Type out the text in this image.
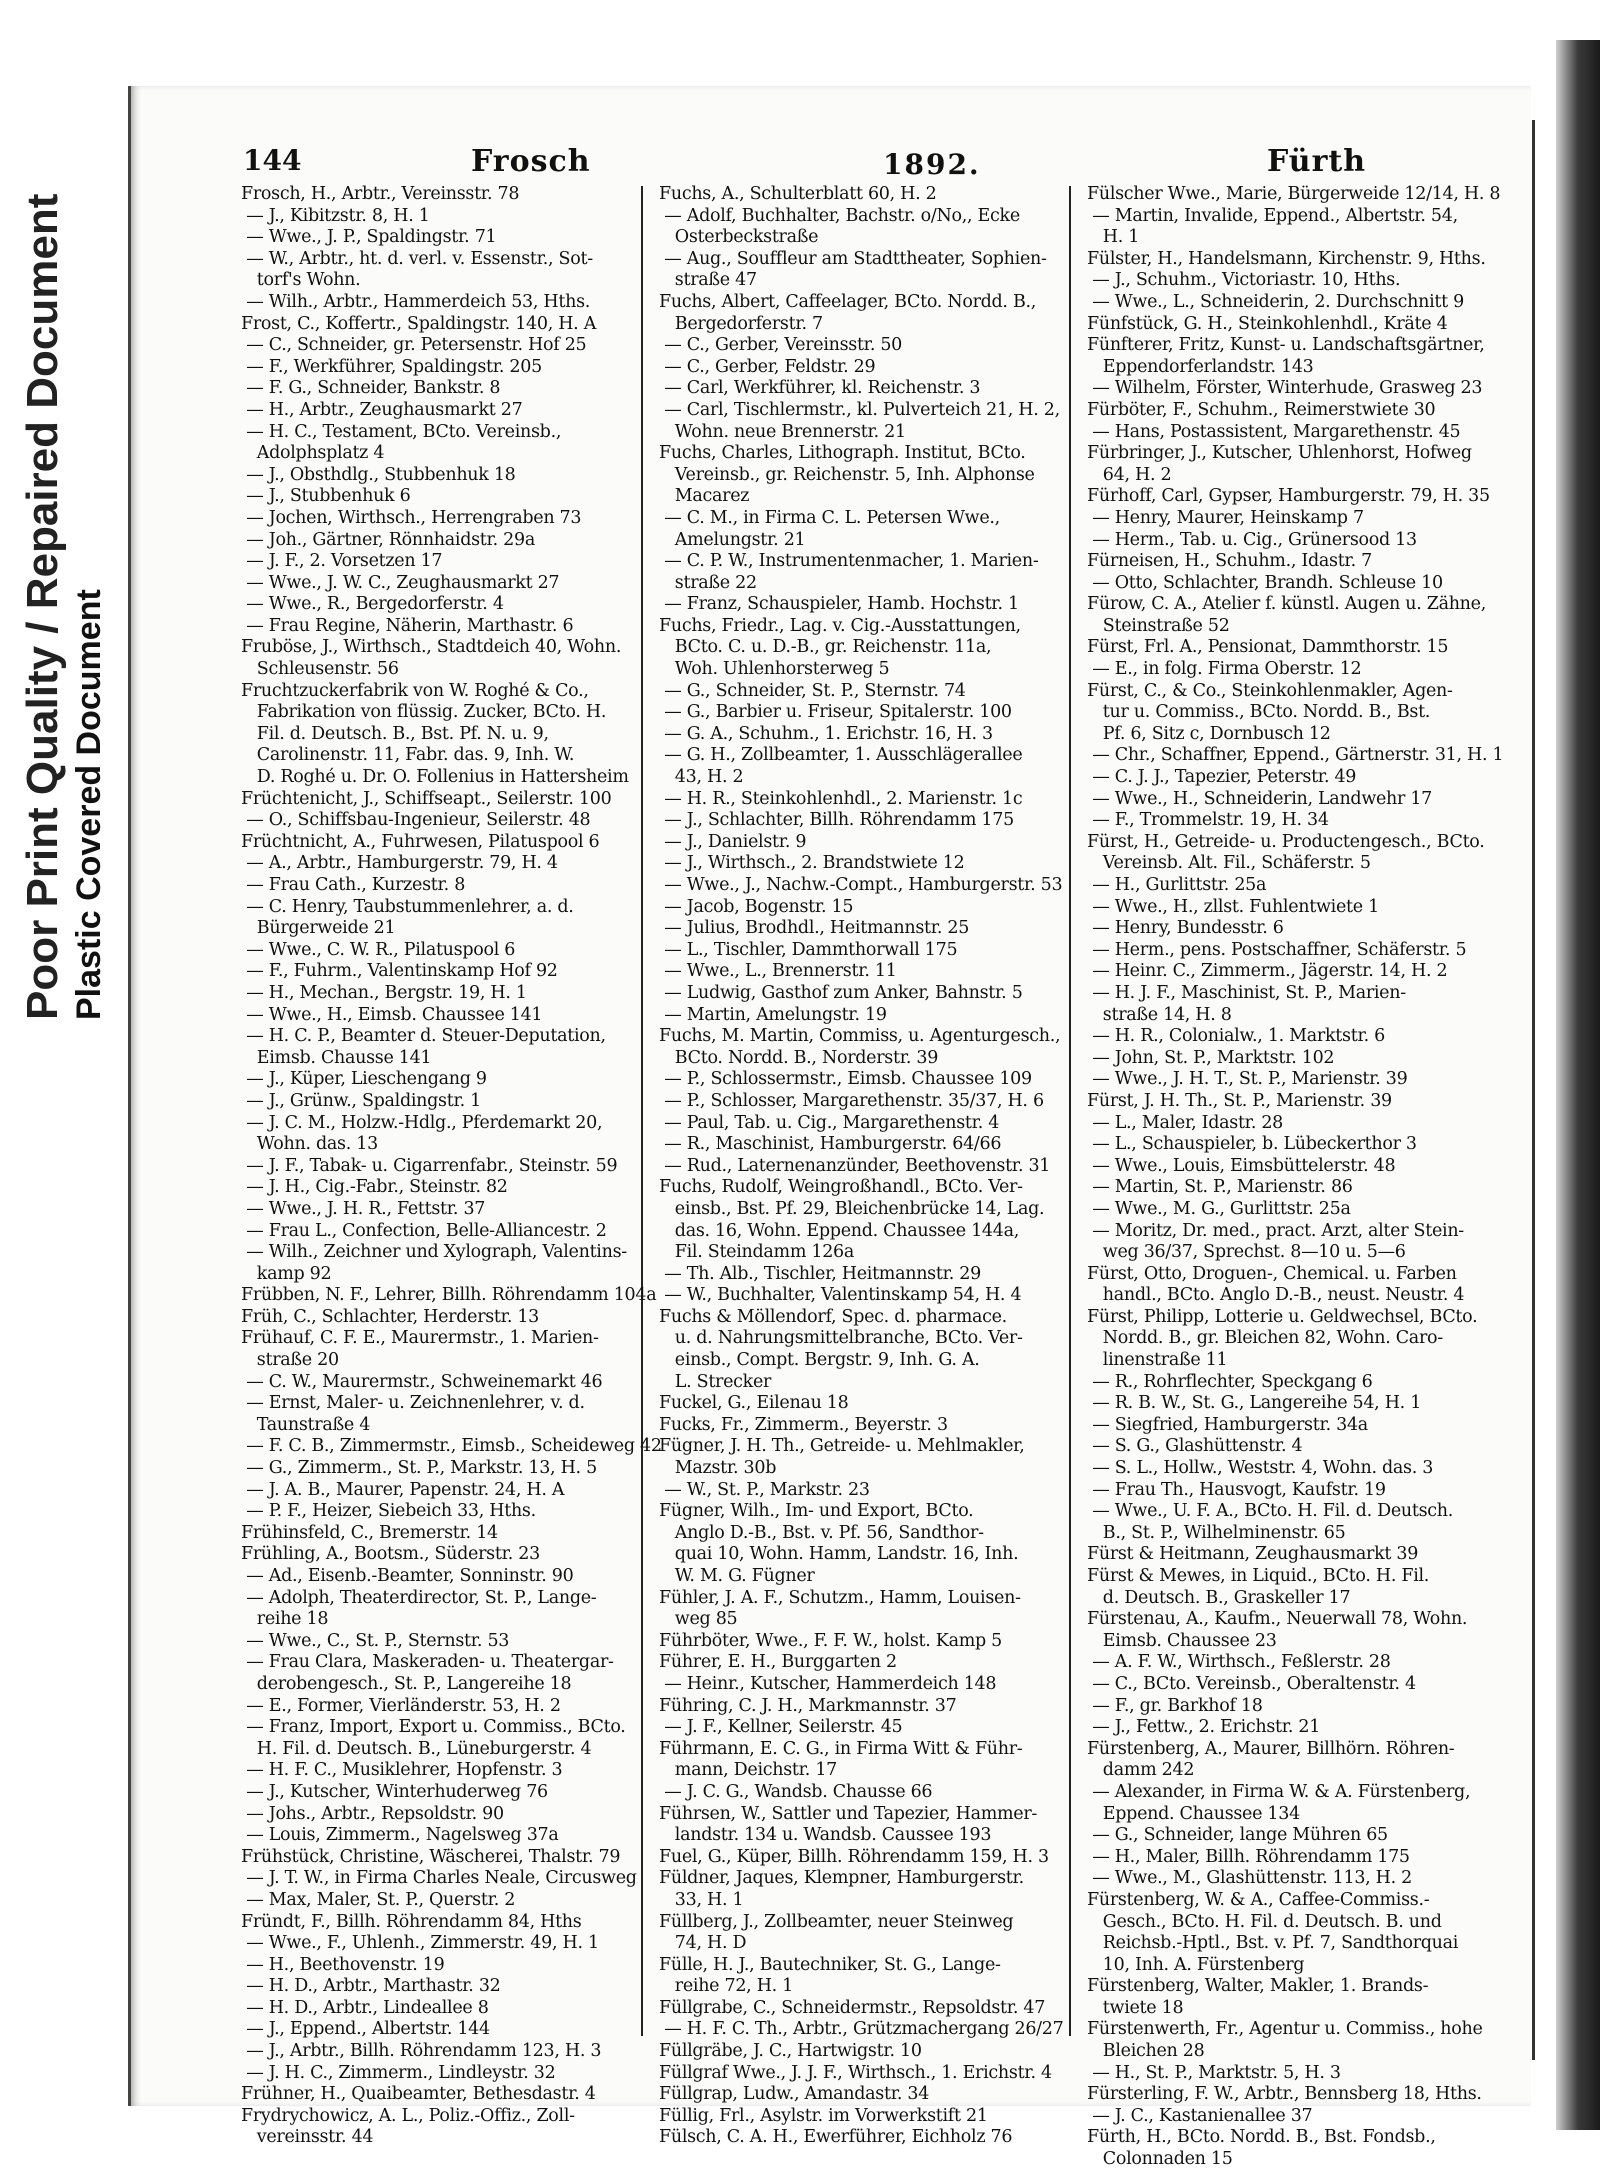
Poor Print Quality / Repaired Document Plastic Covered Document
144	Frosch	1892.	Fürth
Frosch, H., Arbtr., Vereinsstr. 78
— J., Kibitzstr. 8, H. 1
— Wwe., J. P., Spaldingstr. 71
— W., Arbtr., ht. d. verl. v. Essenstr., Sot-
torf's Wohn.
— Wilh., Arbtr., Hammerdeich 53, Hths.
Frost, C., Koffertr., Spaldingstr. 140, H. A
— C., Schneider, gr. Petersenstr. Hof 25
— F., Werkführer, Spaldingstr. 205
— F. G., Schneider, Bankstr. 8
— H., Arbtr., Zeughausmarkt 27
— H. C., Testament, BCto. Vereinsb.,
Adolphsplatz 4
— J., Obsthdlg., Stubbenhuk 18
— J., Stubbenhuk 6
— Jochen, Wirthsch., Herrengraben 73
— Joh., Gärtner, Rönnhaidstr. 29a
— J. F., 2. Vorsetzen 17
— Wwe., J. W. C., Zeughausmarkt 27
— Wwe., R., Bergedorferstr. 4
— Frau Regine, Näherin, Marthastr. 6
Fruböse, J., Wirthsch., Stadtdeich 40, Wohn.
Schleusenstr. 56
Fruchtzuckerfabrik von W. Roghé & Co.,
Fabrikation von flüssig. Zucker, BCto. H.
Fil. d. Deutsch. B., Bst. Pf. N. u. 9,
Carolinenstr. 11, Fabr. das. 9, Inh. W.
D. Roghé u. Dr. O. Follenius in Hattersheim
Früchtenicht, J., Schiffseapt., Seilerstr. 100
— O., Schiffsbau-Ingenieur, Seilerstr. 48
Früchtnicht, A., Fuhrwesen, Pilatuspool 6
— A., Arbtr., Hamburgerstr. 79, H. 4
— Frau Cath., Kurzestr. 8
— C. Henry, Taubstummenlehrer, a. d.
Bürgerweide 21
— Wwe., C. W. R., Pilatuspool 6
— F., Fuhrm., Valentinskamp Hof 92
— H., Mechan., Bergstr. 19, H. 1
— Wwe., H., Eimsb. Chaussee 141
— H. C. P., Beamter d. Steuer-Deputation,
Eimsb. Chausse 141
— J., Küper, Lieschengang 9
— J., Grünw., Spaldingstr. 1
— J. C. M., Holzw.-Hdlg., Pferdemarkt 20,
Wohn. das. 13
— J. F., Tabak- u. Cigarrenfabr., Steinstr. 59
— J. H., Cig.-Fabr., Steinstr. 82
— Wwe., J. H. R., Fettstr. 37
— Frau L., Confection, Belle-Alliancestr. 2
— Wilh., Zeichner und Xylograph, Valentins-
kamp 92
Frübben, N. F., Lehrer, Billh. Röhrendamm 104a
Früh, C., Schlachter, Herderstr. 13
Frühauf, C. F. E., Maurermstr., 1. Marien-
straße 20
— C. W., Maurermstr., Schweinemarkt 46
— Ernst, Maler- u. Zeichnenlehrer, v. d.
Taunstraße 4
— F. C. B., Zimmermstr., Eimsb., Scheideweg 42
— G., Zimmerm., St. P., Markstr. 13, H. 5
— J. A. B., Maurer, Papenstr. 24, H. A
— P. F., Heizer, Siebeich 33, Hths.
Frühinsfeld, C., Bremerstr. 14
Frühling, A., Bootsm., Süderstr. 23
— Ad., Eisenb.-Beamter, Sonninstr. 90
— Adolph, Theaterdirector, St. P., Lange-
reihe 18
— Wwe., C., St. P., Sternstr. 53
— Frau Clara, Maskeraden- u. Theatergar-
derobengesch., St. P., Langereihe 18
— E., Former, Vierländerstr. 53, H. 2
— Franz, Import, Export u. Commiss., BCto.
H. Fil. d. Deutsch. B., Lüneburgerstr. 4
— H. F. C., Musiklehrer, Hopfenstr. 3
— J., Kutscher, Winterhuderweg 76
— Johs., Arbtr., Repsoldstr. 90
— Louis, Zimmerm., Nagelsweg 37a
Frühstück, Christine, Wäscherei, Thalstr. 79
— J. T. W., in Firma Charles Neale, Circusweg
— Max, Maler, St. P., Querstr. 2
Fründt, F., Billh. Röhrendamm 84, Hths
— Wwe., F., Uhlenh., Zimmerstr. 49, H. 1
— H., Beethovenstr. 19
— H. D., Arbtr., Marthastr. 32
— H. D., Arbtr., Lindeallee 8
— J., Eppend., Albertstr. 144
— J., Arbtr., Billh. Röhrendamm 123, H. 3
— J. H. C., Zimmerm., Lindleystr. 32
Frühner, H., Quaibeamter, Bethesdastr. 4
Frydrychowicz, A. L., Poliz.-Offiz., Zoll-
vereinsstr. 44
Fuchs, A., Schulterblatt 60, H. 2
— Adolf, Buchhalter, Bachstr. o/No,, Ecke
Osterbeckstraße
— Aug., Souffleur am Stadttheater, Sophien-
straße 47
Fuchs, Albert, Caffeelager, BCto. Nordd. B.,
Bergedorferstr. 7
— C., Gerber, Vereinsstr. 50
— C., Gerber, Feldstr. 29
— Carl, Werkführer, kl. Reichenstr. 3
— Carl, Tischlermstr., kl. Pulverteich 21, H. 2,
Wohn. neue Brennerstr. 21
Fuchs, Charles, Lithograph. Institut, BCto.
Vereinsb., gr. Reichenstr. 5, Inh. Alphonse
Macarez
— C. M., in Firma C. L. Petersen Wwe.,
Amelungstr. 21
— C. P. W., Instrumentenmacher, 1. Marien-
straße 22
— Franz, Schauspieler, Hamb. Hochstr. 1
Fuchs, Friedr., Lag. v. Cig.-Ausstattungen,
BCto. C. u. D.-B., gr. Reichenstr. 11a,
Woh. Uhlenhorsterweg 5
— G., Schneider, St. P., Sternstr. 74
— G., Barbier u. Friseur, Spitalerstr. 100
— G. A., Schuhm., 1. Erichstr. 16, H. 3
— G. H., Zollbeamter, 1. Ausschlägerallee
43, H. 2
— H. R., Steinkohlenhdl., 2. Marienstr. 1c
— J., Schlachter, Billh. Röhrendamm 175
— J., Danielstr. 9
— J., Wirthsch., 2. Brandstwiete 12
— Wwe., J., Nachw.-Compt., Hamburgerstr. 53
— Jacob, Bogenstr. 15
— Julius, Brodhdl., Heitmannstr. 25
— L., Tischler, Dammthorwall 175
— Wwe., L., Brennerstr. 11
— Ludwig, Gasthof zum Anker, Bahnstr. 5
— Martin, Amelungstr. 19
Fuchs, M. Martin, Commiss, u. Agenturgesch.,
BCto. Nordd. B., Norderstr. 39
— P., Schlossermstr., Eimsb. Chaussee 109
— P., Schlosser, Margarethenstr. 35/37, H. 6
— Paul, Tab. u. Cig., Margarethenstr. 4
— R., Maschinist, Hamburgerstr. 64/66
— Rud., Laternenanzünder, Beethovenstr. 31
Fuchs, Rudolf, Weingroßhandl., BCto. Ver-
einsb., Bst. Pf. 29, Bleichenbrücke 14, Lag.
das. 16, Wohn. Eppend. Chaussee 144a,
Fil. Steindamm 126a
— Th. Alb., Tischler, Heitmannstr. 29
— W., Buchhalter, Valentinskamp 54, H. 4
Fuchs & Möllendorf, Spec. d. pharmace.
u. d. Nahrungsmittelbranche, BCto. Ver-
einsb., Compt. Bergstr. 9, Inh. G. A.
L. Strecker
Fuckel, G., Eilenau 18
Fucks, Fr., Zimmerm., Beyerstr. 3
Fügner, J. H. Th., Getreide- u. Mehlmakler,
Mazstr. 30b
— W., St. P., Markstr. 23
Fügner, Wilh., Im- und Export, BCto.
Anglo D.-B., Bst. v. Pf. 56, Sandthor-
quai 10, Wohn. Hamm, Landstr. 16, Inh.
W. M. G. Fügner
Fühler, J. A. F., Schutzm., Hamm, Louisen-
weg 85
Führböter, Wwe., F. F. W., holst. Kamp 5
Führer, E. H., Burggarten 2
— Heinr., Kutscher, Hammerdeich 148
Führing, C. J. H., Markmannstr. 37
— J. F., Kellner, Seilerstr. 45
Führmann, E. C. G., in Firma Witt & Führ-
mann, Deichstr. 17
— J. C. G., Wandsb. Chausse 66
Führsen, W., Sattler und Tapezier, Hammer-
landstr. 134 u. Wandsb. Caussee 193
Fuel, G., Küper, Billh. Röhrendamm 159, H. 3
Füldner, Jaques, Klempner, Hamburgerstr.
33, H. 1
Füllberg, J., Zollbeamter, neuer Steinweg
74, H. D
Fülle, H. J., Bautechniker, St. G., Lange-
reihe 72, H. 1
Füllgrabe, C., Schneidermstr., Repsoldstr. 47
— H. F. C. Th., Arbtr., Grützmachergang 26/27
Füllgräbe, J. C., Hartwigstr. 10
Füllgraf Wwe., J. J. F., Wirthsch., 1. Erichstr. 4
Füllgrap, Ludw., Amandastr. 34
Füllig, Frl., Asylstr. im Vorwerkstift 21
Fülsch, C. A. H., Ewerführer, Eichholz 76
Fülscher Wwe., Marie, Bürgerweide 12/14, H. 8
— Martin, Invalide, Eppend., Albertstr. 54,
H. 1
Fülster, H., Handelsmann, Kirchenstr. 9, Hths.
— J., Schuhm., Victoriastr. 10, Hths.
— Wwe., L., Schneiderin, 2. Durchschnitt 9
Fünfstück, G. H., Steinkohlenhdl., Kräte 4
Fünfterer, Fritz, Kunst- u. Landschaftsgärtner,
Eppendorferlandstr. 143
— Wilhelm, Förster, Winterhude, Grasweg 23
Fürböter, F., Schuhm., Reimerstwiete 30
— Hans, Postassistent, Margarethenstr. 45
Fürbringer, J., Kutscher, Uhlenhorst, Hofweg
64, H. 2
Fürhoff, Carl, Gypser, Hamburgerstr. 79, H. 35
— Henry, Maurer, Heinskamp 7
— Herm., Tab. u. Cig., Grünersood 13
Fürneisen, H., Schuhm., Idastr. 7
— Otto, Schlachter, Brandh. Schleuse 10
Fürow, C. A., Atelier f. künstl. Augen u. Zähne,
Steinstraße 52
Fürst, Frl. A., Pensionat, Dammthorstr. 15
— E., in folg. Firma Oberstr. 12
Fürst, C., & Co., Steinkohlenmakler, Agen-
tur u. Commiss., BCto. Nordd. B., Bst.
Pf. 6, Sitz c, Dornbusch 12
— Chr., Schaffner, Eppend., Gärtnerstr. 31, H. 1
— C. J. J., Tapezier, Peterstr. 49
— Wwe., H., Schneiderin, Landwehr 17
— F., Trommelstr. 19, H. 34
Fürst, H., Getreide- u. Productengesch., BCto.
Vereinsb. Alt. Fil., Schäferstr. 5
— H., Gurlittstr. 25a
— Wwe., H., zllst. Fuhlentwiete 1
— Henry, Bundesstr. 6
— Herm., pens. Postschaffner, Schäferstr. 5
— Heinr. C., Zimmerm., Jägerstr. 14, H. 2
— H. J. F., Maschinist, St. P., Marien-
straße 14, H. 8
— H. R., Colonialw., 1. Marktstr. 6
— John, St. P., Marktstr. 102
— Wwe., J. H. T., St. P., Marienstr. 39
Fürst, J. H. Th., St. P., Marienstr. 39
— L., Maler, Idastr. 28
— L., Schauspieler, b. Lübeckerthor 3
— Wwe., Louis, Eimsbüttelerstr. 48
— Martin, St. P., Marienstr. 86
— Wwe., M. G., Gurlittstr. 25a
— Moritz, Dr. med., pract. Arzt, alter Stein-
weg 36/37, Sprechst. 8—10 u. 5—6
Fürst, Otto, Droguen-, Chemical. u. Farben
handl., BCto. Anglo D.-B., neust. Neustr. 4
Fürst, Philipp, Lotterie u. Geldwechsel, BCto.
Nordd. B., gr. Bleichen 82, Wohn. Caro-
linenstraße 11
— R., Rohrflechter, Speckgang 6
— R. B. W., St. G., Langereihe 54, H. 1
— Siegfried, Hamburgerstr. 34a
— S. G., Glashüttenstr. 4
— S. L., Hollw., Weststr. 4, Wohn. das. 3
— Frau Th., Hausvogt, Kaufstr. 19
— Wwe., U. F. A., BCto. H. Fil. d. Deutsch.
B., St. P., Wilhelminenstr. 65
Fürst & Heitmann, Zeughausmarkt 39
Fürst & Mewes, in Liquid., BCto. H. Fil.
d. Deutsch. B., Graskeller 17
Fürstenau, A., Kaufm., Neuerwall 78, Wohn.
Eimsb. Chaussee 23
— A. F. W., Wirthsch., Feßlerstr. 28
— C., BCto. Vereinsb., Oberaltenstr. 4
— F., gr. Barkhof 18
— J., Fettw., 2. Erichstr. 21
Fürstenberg, A., Maurer, Billhörn. Röhren-
damm 242
— Alexander, in Firma W. & A. Fürstenberg,
Eppend. Chaussee 134
— G., Schneider, lange Mühren 65
— H., Maler, Billh. Röhrendamm 175
— Wwe., M., Glashüttenstr. 113, H. 2
Fürstenberg, W. & A., Caffee-Commiss.-
Gesch., BCto. H. Fil. d. Deutsch. B. und
Reichsb.-Hptl., Bst. v. Pf. 7, Sandthorquai
10, Inh. A. Fürstenberg
Fürstenberg, Walter, Makler, 1. Brands-
twiete 18
Fürstenwerth, Fr., Agentur u. Commiss., hohe
Bleichen 28
— H., St. P., Marktstr. 5, H. 3
Fürsterling, F. W., Arbtr., Bennsberg 18, Hths.
— J. C., Kastanienallee 37
Fürth, H., BCto. Nordd. B., Bst. Fondsb.,
Colonnaden 15
